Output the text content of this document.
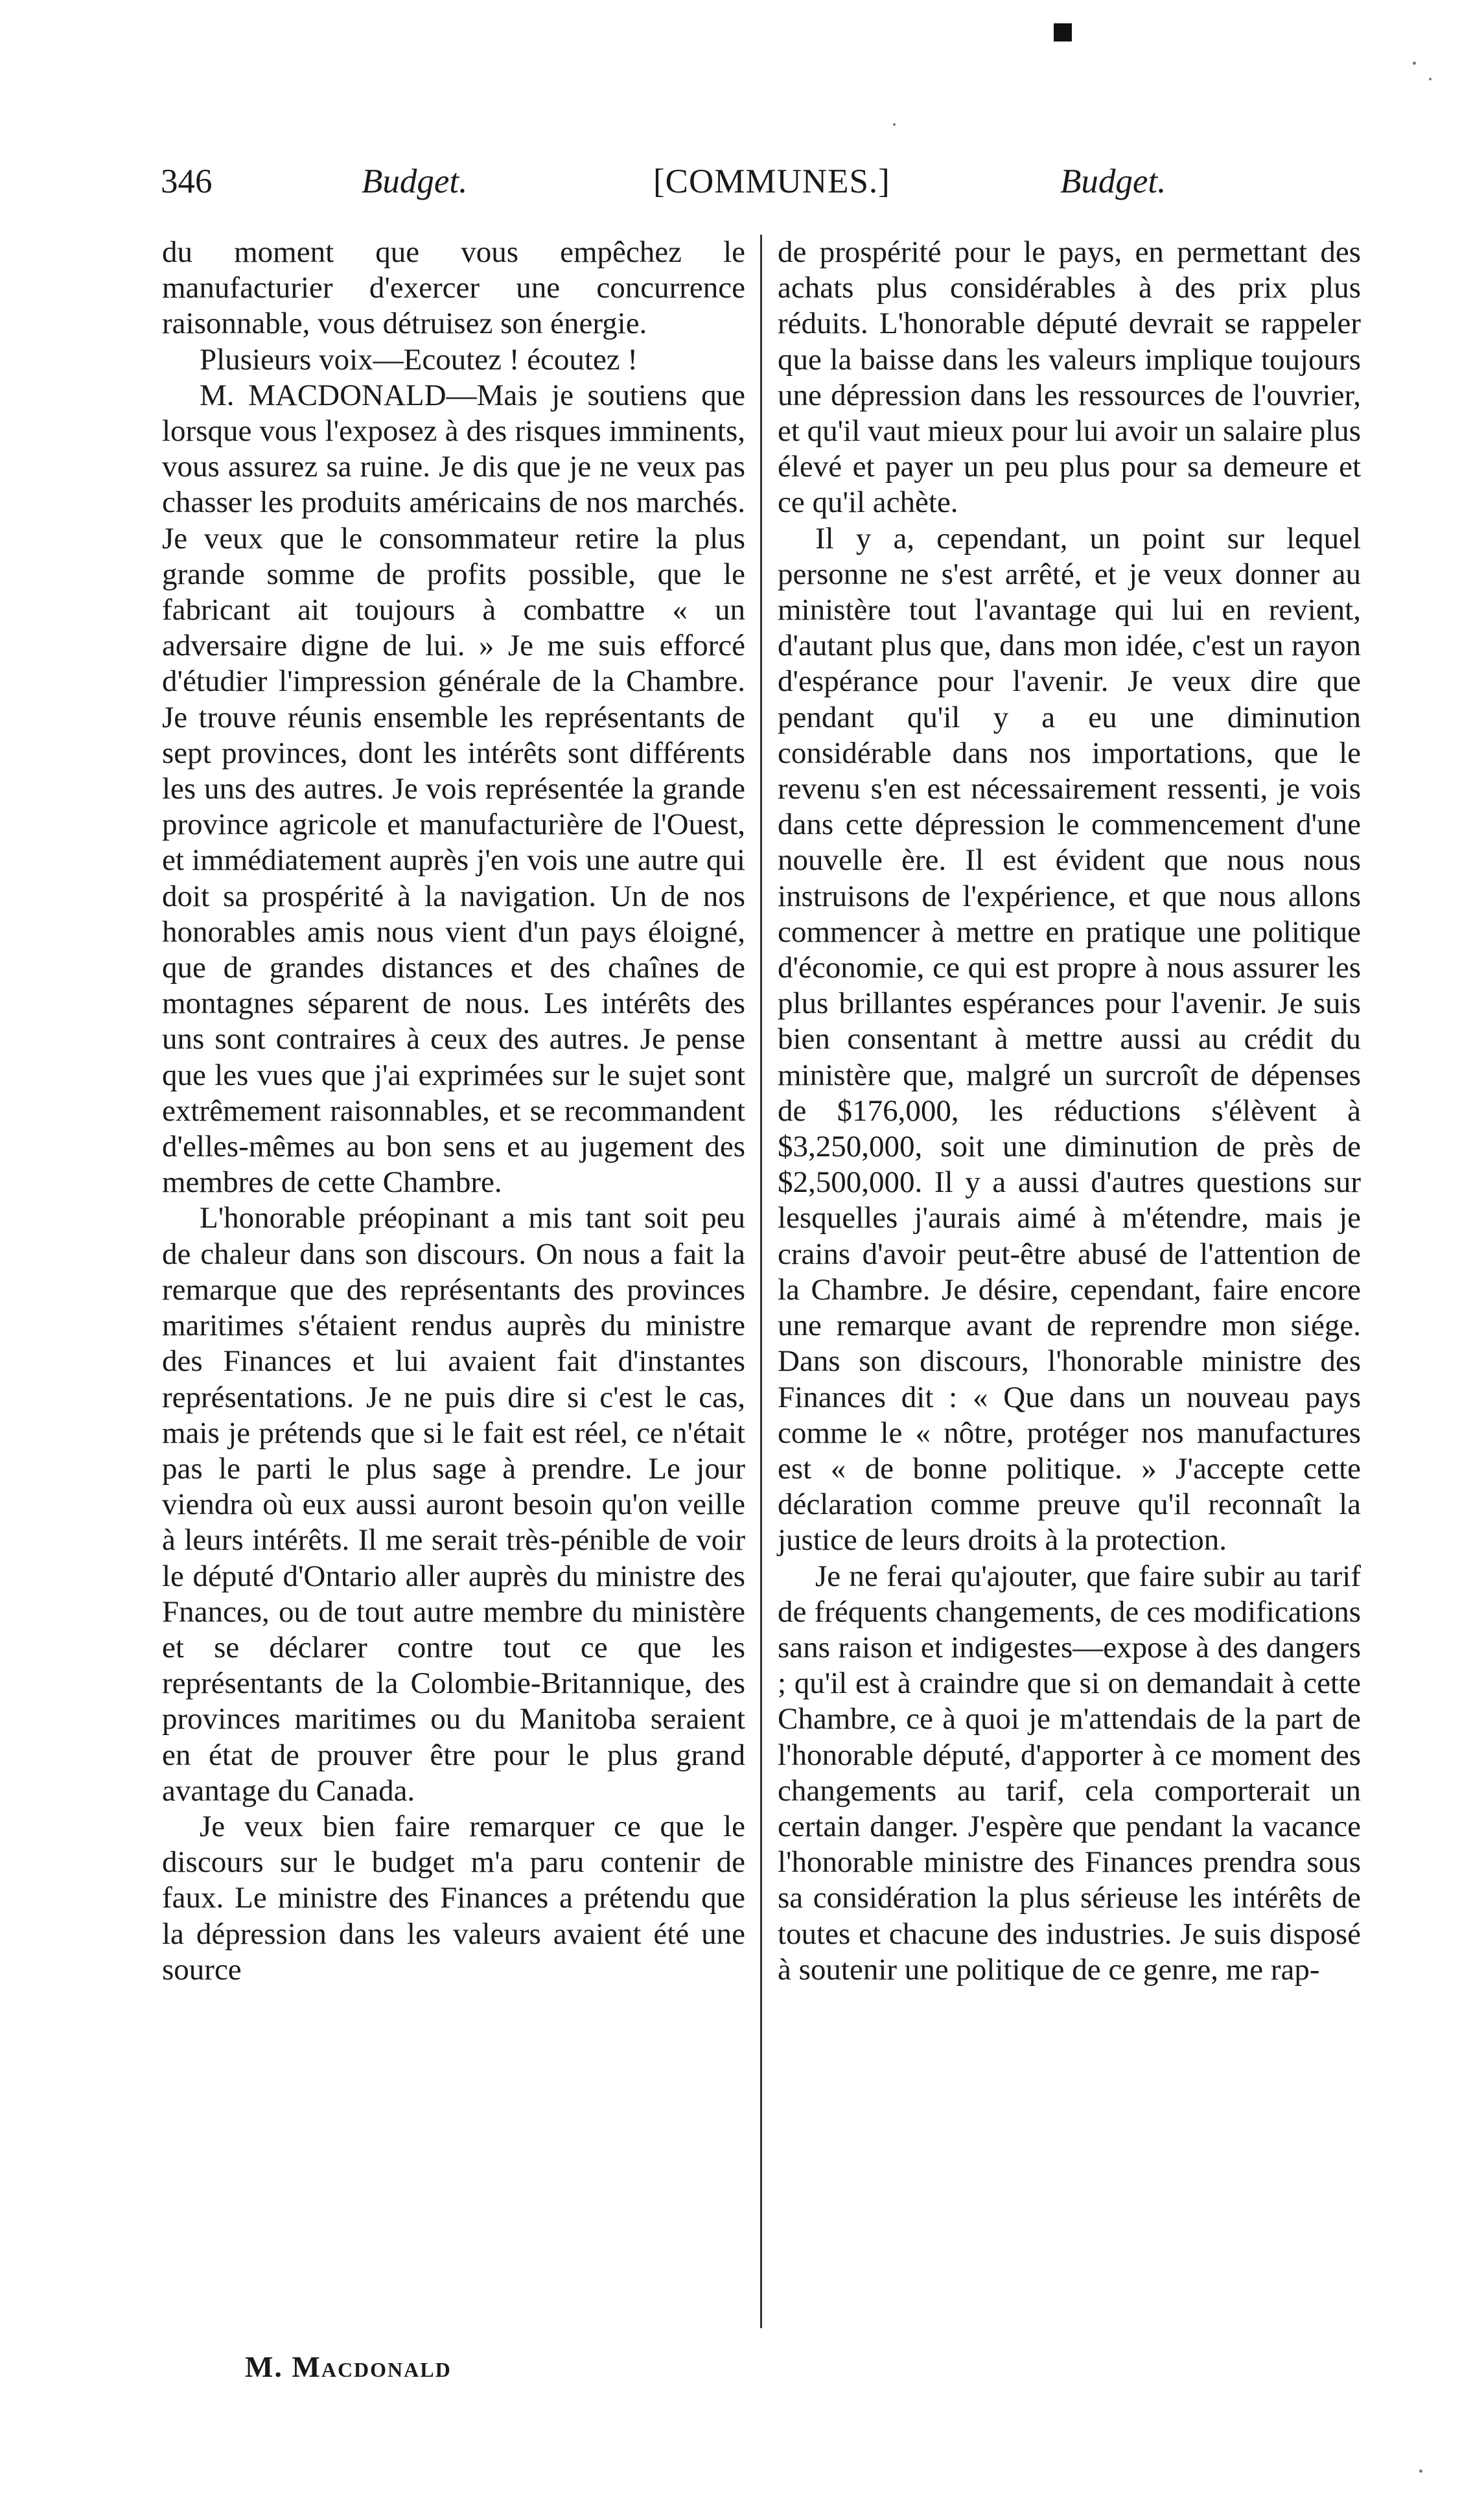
346	Budget.	[COMMUNES.]	Budget.

du moment que vous empêchez le manufacturier d'exercer une concurrence raisonnable, vous détruisez son énergie.

Plusieurs voix—Ecoutez ! écoutez !

M. MACDONALD—Mais je soutiens que lorsque vous l'exposez à des risques imminents, vous assurez sa ruine. Je dis que je ne veux pas chasser les produits américains de nos marchés. Je veux que le consommateur retire la plus grande somme de profits possible, que le fabricant ait toujours à combattre « un adversaire digne de lui. » Je me suis efforcé d'étudier l'impression générale de la Chambre. Je trouve réunis ensemble les représentants de sept provinces, dont les intérêts sont différents les uns des autres. Je vois représentée la grande province agricole et manufacturière de l'Ouest, et immédiatement auprès j'en vois une autre qui doit sa prospérité à la navigation. Un de nos honorables amis nous vient d'un pays éloigné, que de grandes distances et des chaînes de montagnes séparent de nous. Les intérêts des uns sont contraires à ceux des autres. Je pense que les vues que j'ai exprimées sur le sujet sont extrêmement raisonnables, et se recommandent d'elles-mêmes au bon sens et au jugement des membres de cette Chambre.

L'honorable préopinant a mis tant soit peu de chaleur dans son discours. On nous a fait la remarque que des représentants des provinces maritimes s'étaient rendus auprès du ministre des Finances et lui avaient fait d'instantes représentations. Je ne puis dire si c'est le cas, mais je prétends que si le fait est réel, ce n'était pas le parti le plus sage à prendre. Le jour viendra où eux aussi auront besoin qu'on veille à leurs intérêts. Il me serait très-pénible de voir le député d'Ontario aller auprès du ministre des Fnances, ou de tout autre membre du ministère et se déclarer contre tout ce que les représentants de la Colombie-Britannique, des provinces maritimes ou du Manitoba seraient en état de prouver être pour le plus grand avantage du Canada.

Je veux bien faire remarquer ce que le discours sur le budget m'a paru contenir de faux. Le ministre des Finances a prétendu que la dépression dans les valeurs avaient été une source

de prospérité pour le pays, en permettant des achats plus considérables à des prix plus réduits. L'honorable député devrait se rappeler que la baisse dans les valeurs implique toujours une dépression dans les ressources de l'ouvrier, et qu'il vaut mieux pour lui avoir un salaire plus élevé et payer un peu plus pour sa demeure et ce qu'il achète.

Il y a, cependant, un point sur lequel personne ne s'est arrêté, et je veux donner au ministère tout l'avantage qui lui en revient, d'autant plus que, dans mon idée, c'est un rayon d'espérance pour l'avenir. Je veux dire que pendant qu'il y a eu une diminution considérable dans nos importations, que le revenu s'en est nécessairement ressenti, je vois dans cette dépression le commencement d'une nouvelle ère. Il est évident que nous nous instruisons de l'expérience, et que nous allons commencer à mettre en pratique une politique d'économie, ce qui est propre à nous assurer les plus brillantes espérances pour l'avenir. Je suis bien consentant à mettre aussi au crédit du ministère que, malgré un surcroît de dépenses de $176,000, les réductions s'élèvent à $3,250,000, soit une diminution de près de $2,500,000. Il y a aussi d'autres questions sur lesquelles j'aurais aimé à m'étendre, mais je crains d'avoir peut-être abusé de l'attention de la Chambre. Je désire, cependant, faire encore une remarque avant de reprendre mon siége. Dans son discours, l'honorable ministre des Finances dit : « Que dans un nouveau pays comme le « nôtre, protéger nos manufactures est « de bonne politique. » J'accepte cette déclaration comme preuve qu'il reconnaît la justice de leurs droits à la protection.

Je ne ferai qu'ajouter, que faire subir au tarif de fréquents changements, de ces modifications sans raison et indigestes—expose à des dangers ; qu'il est à craindre que si on demandait à cette Chambre, ce à quoi je m'attendais de la part de l'honorable député, d'apporter à ce moment des changements au tarif, cela comporterait un certain danger. J'espère que pendant la vacance l'honorable ministre des Finances prendra sous sa considération la plus sérieuse les intérêts de toutes et chacune des industries. Je suis disposé à soutenir une politique de ce genre, me rap-

M. Macdonald
